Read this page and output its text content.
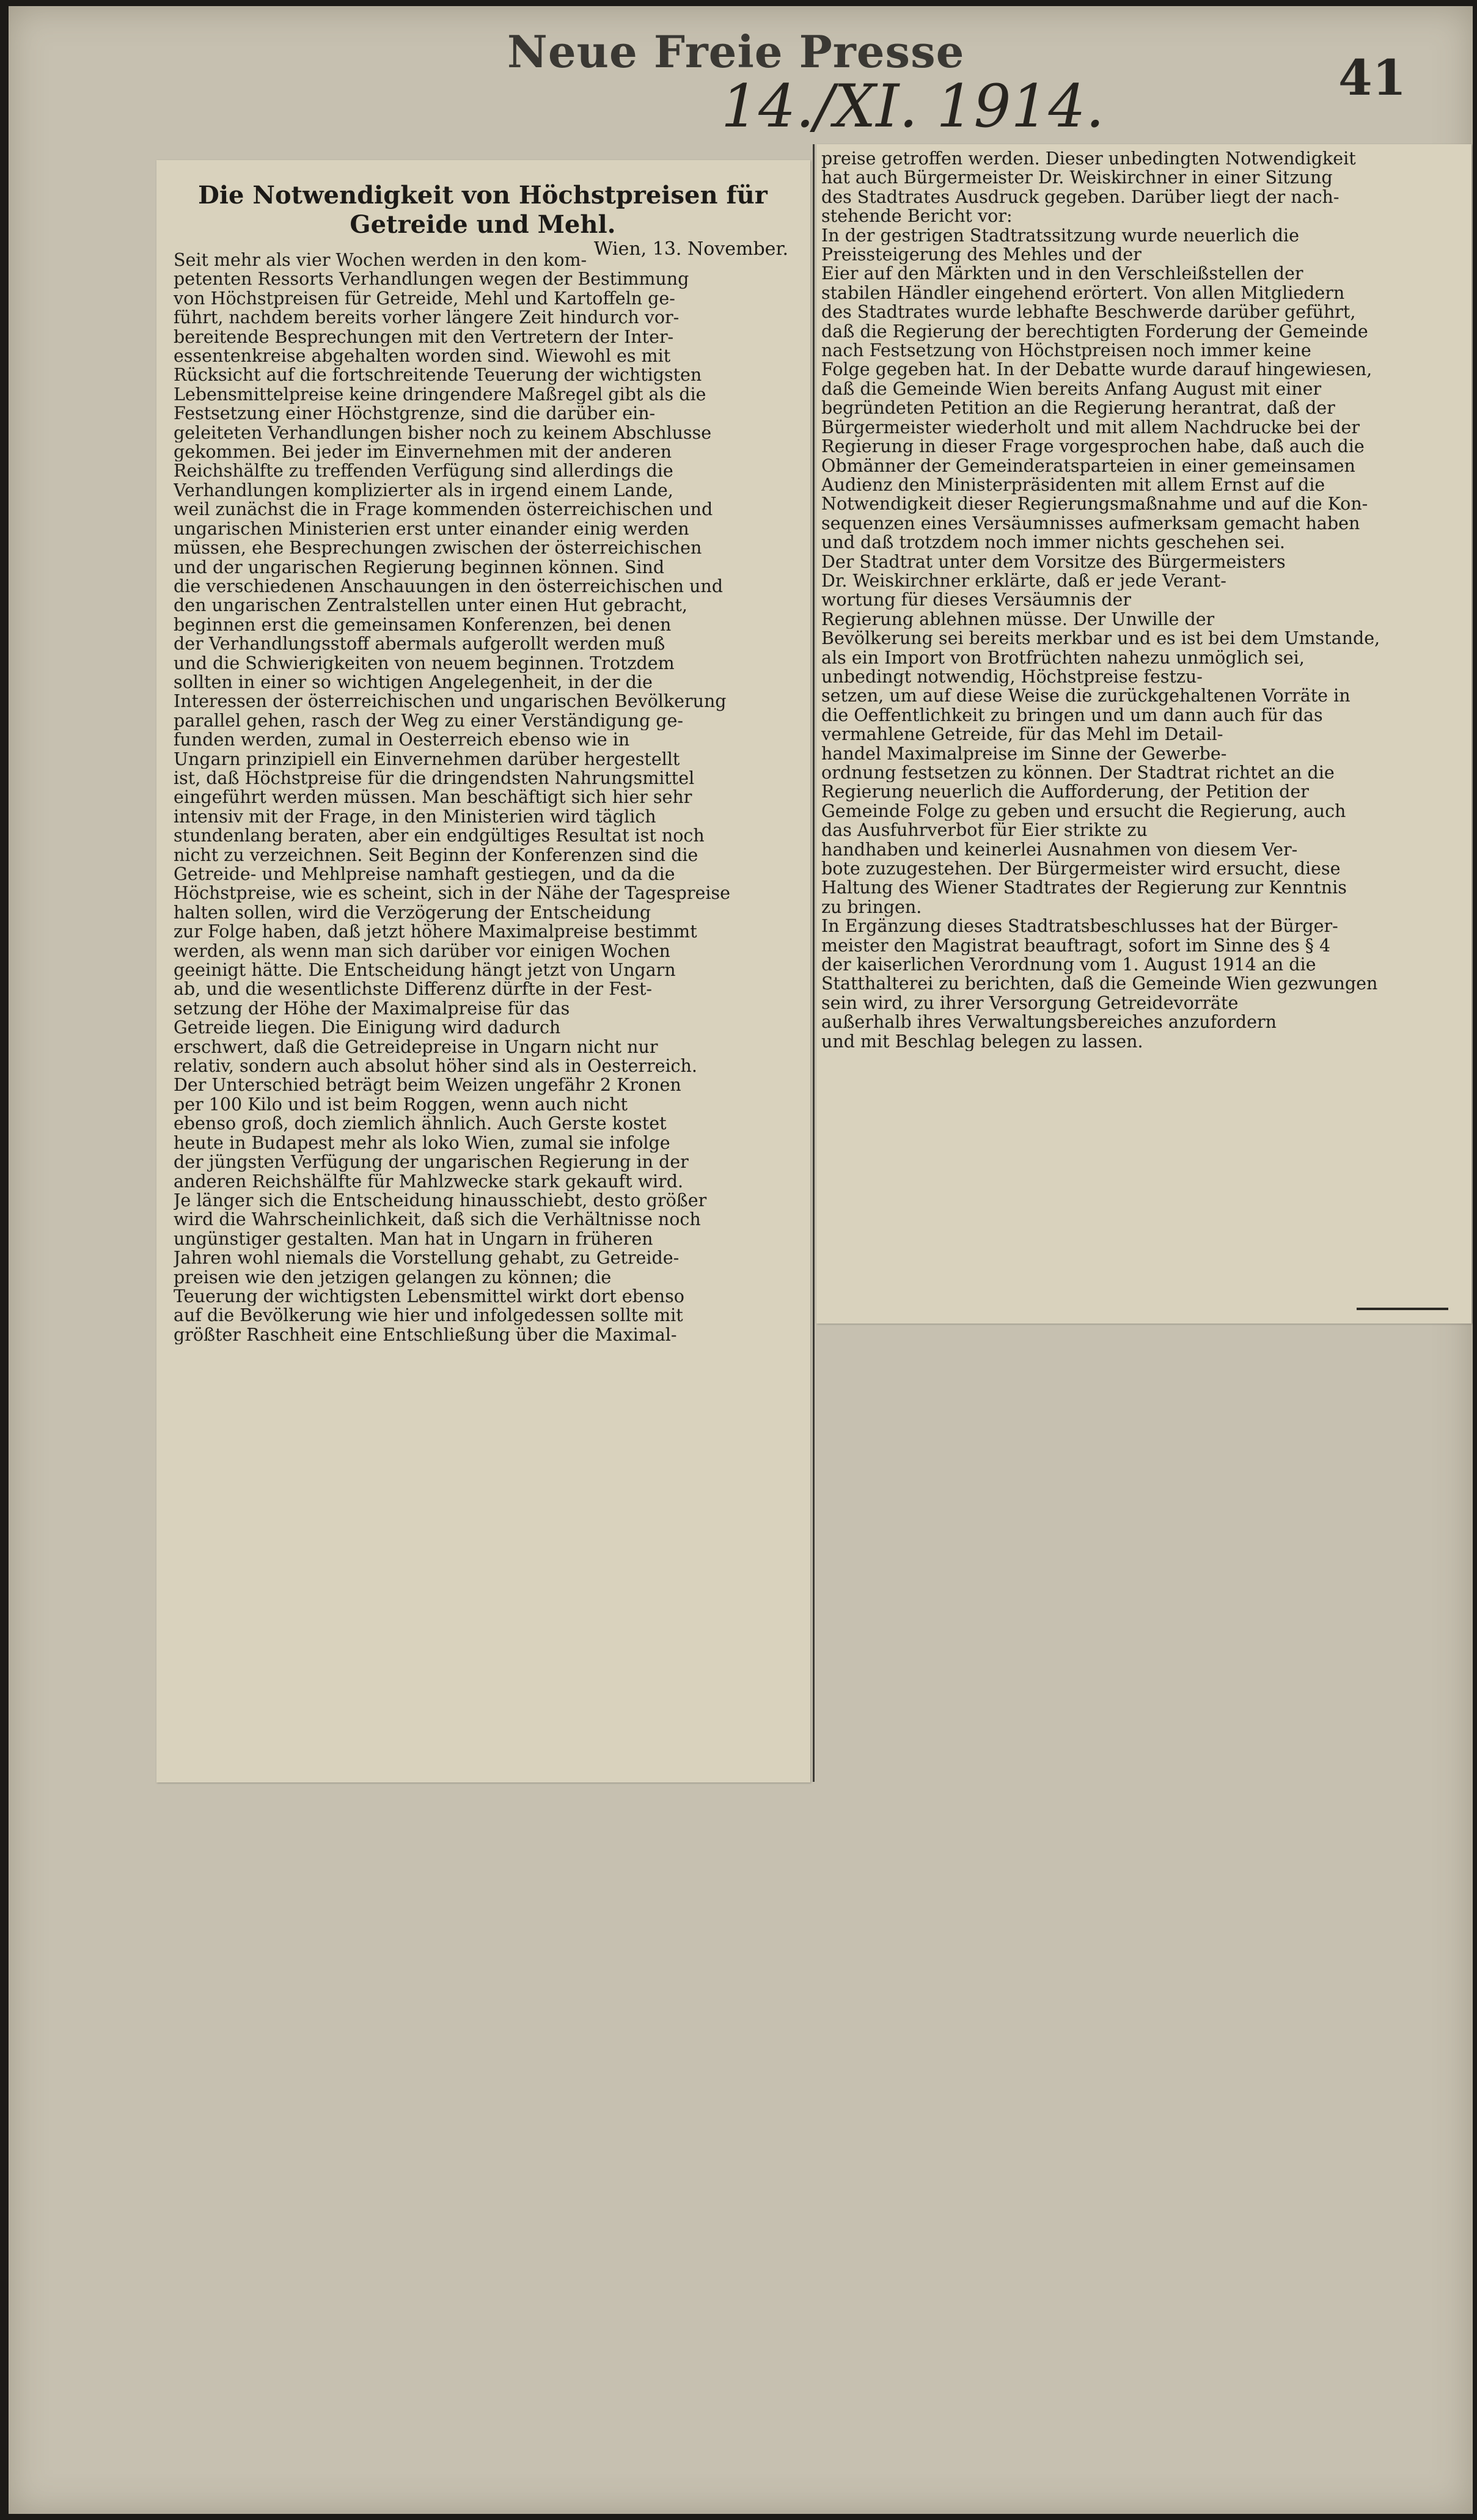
Neue Freie Presse
14./XI. 1914.	41
Die Notwendigkeit von Höchstpreisen für
Getreide und Mehl.
Wien, 13. November.
Seit mehr als vier Wochen werden in den kom-
petenten Ressorts Verhandlungen wegen der Bestimmung
von Höchstpreisen für Getreide, Mehl und Kartoffeln ge-
führt, nachdem bereits vorher längere Zeit hindurch vor-
bereitende Besprechungen mit den Vertretern der Inter-
essentenkreise abgehalten worden sind. Wiewohl es mit
Rücksicht auf die fortschreitende Teuerung der wichtigsten
Lebensmittelpreise keine dringendere Maßregel gibt als die
Festsetzung einer Höchstgrenze, sind die darüber ein-
geleiteten Verhandlungen bisher noch zu keinem Abschlusse
gekommen. Bei jeder im Einvernehmen mit der anderen
Reichshälfte zu treffenden Verfügung sind allerdings die
Verhandlungen komplizierter als in irgend einem Lande,
weil zunächst die in Frage kommenden österreichischen und
ungarischen Ministerien erst unter einander einig werden
müssen, ehe Besprechungen zwischen der österreichischen
und der ungarischen Regierung beginnen können. Sind
die verschiedenen Anschauungen in den österreichischen und
den ungarischen Zentralstellen unter einen Hut gebracht,
beginnen erst die gemeinsamen Konferenzen, bei denen
der Verhandlungsstoff abermals aufgerollt werden muß
und die Schwierigkeiten von neuem beginnen. Trotzdem
sollten in einer so wichtigen Angelegenheit, in der die
Interessen der österreichischen und ungarischen Bevölkerung
parallel gehen, rasch der Weg zu einer Verständigung ge-
funden werden, zumal in Oesterreich ebenso wie in
Ungarn prinzipiell ein Einvernehmen darüber hergestellt
ist, daß Höchstpreise für die dringendsten Nahrungsmittel
eingeführt werden müssen. Man beschäftigt sich hier sehr
intensiv mit der Frage, in den Ministerien wird täglich
stundenlang beraten, aber ein endgültiges Resultat ist noch
nicht zu verzeichnen. Seit Beginn der Konferenzen sind die
Getreide- und Mehlpreise namhaft gestiegen, und da die
Höchstpreise, wie es scheint, sich in der Nähe der Tagespreise
halten sollen, wird die Verzögerung der Entscheidung
zur Folge haben, daß jetzt höhere Maximalpreise bestimmt
werden, als wenn man sich darüber vor einigen Wochen
geeinigt hätte. Die Entscheidung hängt jetzt von Ungarn
ab, und die wesentlichste Differenz dürfte in der Fest-
setzung der Höhe der Maximalpreise für das
Getreide liegen. Die Einigung wird dadurch
erschwert, daß die Getreidepreise in Ungarn nicht nur
relativ, sondern auch absolut höher sind als in Oesterreich.
Der Unterschied beträgt beim Weizen ungefähr 2 Kronen
per 100 Kilo und ist beim Roggen, wenn auch nicht
ebenso groß, doch ziemlich ähnlich. Auch Gerste kostet
heute in Budapest mehr als loko Wien, zumal sie infolge
der jüngsten Verfügung der ungarischen Regierung in der
anderen Reichshälfte für Mahlzwecke stark gekauft wird.
Je länger sich die Entscheidung hinausschiebt, desto größer
wird die Wahrscheinlichkeit, daß sich die Verhältnisse noch
ungünstiger gestalten. Man hat in Ungarn in früheren
Jahren wohl niemals die Vorstellung gehabt, zu Getreide-
preisen wie den jetzigen gelangen zu können; die
Teuerung der wichtigsten Lebensmittel wirkt dort ebenso
auf die Bevölkerung wie hier und infolgedessen sollte mit
größter Raschheit eine Entschließung über die Maximal-
preise getroffen werden. Dieser unbedingten Notwendigkeit
hat auch Bürgermeister Dr. Weiskirchner in einer Sitzung
des Stadtrates Ausdruck gegeben. Darüber liegt der nach-
stehende Bericht vor:
In der gestrigen Stadtratssitzung wurde neuerlich die
Preissteigerung des Mehles und der
Eier auf den Märkten und in den Verschleißstellen der
stabilen Händler eingehend erörtert. Von allen Mitgliedern
des Stadtrates wurde lebhafte Beschwerde darüber geführt,
daß die Regierung der berechtigten Forderung der Gemeinde
nach Festsetzung von Höchstpreisen noch immer keine
Folge gegeben hat. In der Debatte wurde darauf hingewiesen,
daß die Gemeinde Wien bereits Anfang August mit einer
begründeten Petition an die Regierung herantrat, daß der
Bürgermeister wiederholt und mit allem Nachdrucke bei der
Regierung in dieser Frage vorgesprochen habe, daß auch die
Obmänner der Gemeinderatsparteien in einer gemeinsamen
Audienz den Ministerpräsidenten mit allem Ernst auf die
Notwendigkeit dieser Regierungsmaßnahme und auf die Kon-
sequenzen eines Versäumnisses aufmerksam gemacht haben
und daß trotzdem noch immer nichts geschehen sei.
Der Stadtrat unter dem Vorsitze des Bürgermeisters
Dr. Weiskirchner erklärte, daß er jede Verant-
wortung für dieses Versäumnis der
Regierung ablehnen müsse. Der Unwille der
Bevölkerung sei bereits merkbar und es ist bei dem Umstande,
als ein Import von Brotfrüchten nahezu unmöglich sei,
unbedingt notwendig, Höchstpreise festzu-
setzen, um auf diese Weise die zurückgehaltenen Vorräte in
die Oeffentlichkeit zu bringen und um dann auch für das
vermahlene Getreide, für das Mehl im Detail-
handel Maximalpreise im Sinne der Gewerbe-
ordnung festsetzen zu können. Der Stadtrat richtet an die
Regierung neuerlich die Aufforderung, der Petition der
Gemeinde Folge zu geben und ersucht die Regierung, auch
das Ausfuhrverbot für Eier strikte zu
handhaben und keinerlei Ausnahmen von diesem Ver-
bote zuzugestehen. Der Bürgermeister wird ersucht, diese
Haltung des Wiener Stadtrates der Regierung zur Kenntnis
zu bringen.
In Ergänzung dieses Stadtratsbeschlusses hat der Bürger-
meister den Magistrat beauftragt, sofort im Sinne des § 4
der kaiserlichen Verordnung vom 1. August 1914 an die
Statthalterei zu berichten, daß die Gemeinde Wien gezwungen
sein wird, zu ihrer Versorgung Getreidevorräte
außerhalb ihres Verwaltungsbereiches anzufordern
und mit Beschlag belegen zu lassen.
